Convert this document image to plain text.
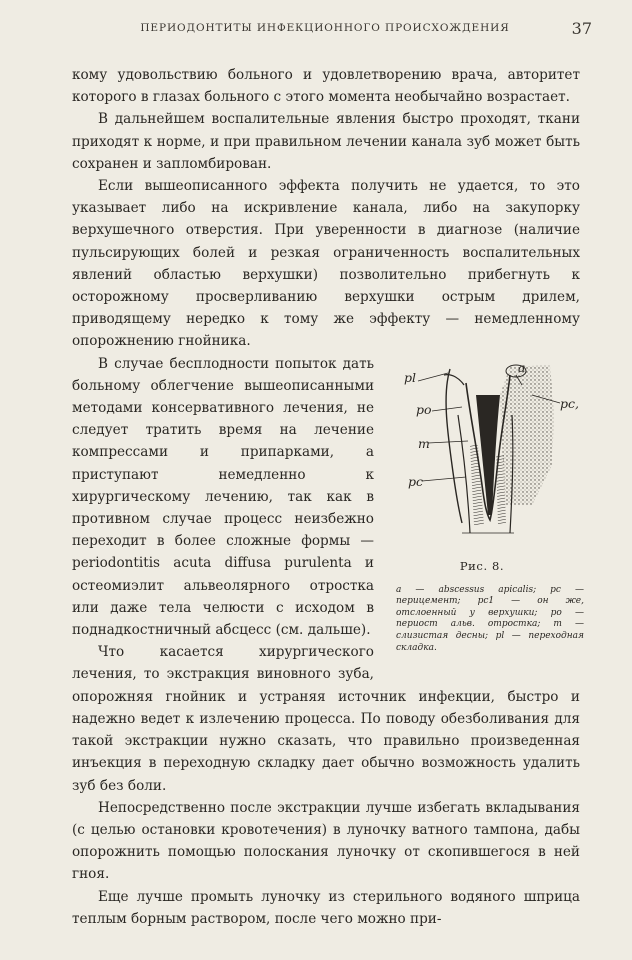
ПЕРИОДОНТИТЫ ИНФЕКЦИОННОГО ПРОИСХОЖДЕНИЯ	37

кому удовольствию больного и удовлетворению врача, авторитет которого в глазах больного с этого момента необычайно возрастает.

В дальнейшем воспалительные явления быстро проходят, ткани приходят к норме, и при правильном лечении канала зуб может быть сохранен и запломбирован.

Если вышеописанного эффекта получить не удается, то это указывает либо на искривление канала, либо на закупорку верхушечного отверстия. При уверенности в диагнозе (наличие пульсирующих болей и резкая ограниченность воспалительных явлений областью верхушки) позволительно прибегнуть к осторожному просверливанию верхушки острым дрилем, приводящему нередко к тому же эффекту — немедленному опорожнению гнойника.

pl
a
pc,
po
m
pc
Рис. 8.
a — abscessus apicalis; pc — перицемент; pc1 — он же, отслоенный у верхушки; po — периост альв. отростка; m — слизистая десны; pl — переходная складка.

В случае бесплодности попыток дать больному облегчение вышеописанными методами консервативного лечения, не следует тратить время на лечение компрессами и припарками, а приступают немедленно к хирургическому лечению, так как в противном случае процесс неизбежно переходит в более сложные формы — periodontitis acuta diffusa purulenta и остеомиэлит альвеолярного отростка или даже тела челюсти с исходом в поднадкостничный абсцесс (см. дальше).

Что касается хирургического лечения, то экстракция виновного зуба, опорожняя гнойник и устраняя источник инфекции, быстро и надежно ведет к излечению процесса. По поводу обезболивания для такой экстракции нужно сказать, что правильно произведенная инъекция в переходную складку дает обычно возможность удалить зуб без боли.

Непосредственно после экстракции лучше избегать вкладывания (с целью остановки кровотечения) в луночку ватного тампона, дабы опорожнить помощью полоскания луночку от скопившегося в ней гноя.

Еще лучше промыть луночку из стерильного водяного шприца теплым борным раствором, после чего можно при-
